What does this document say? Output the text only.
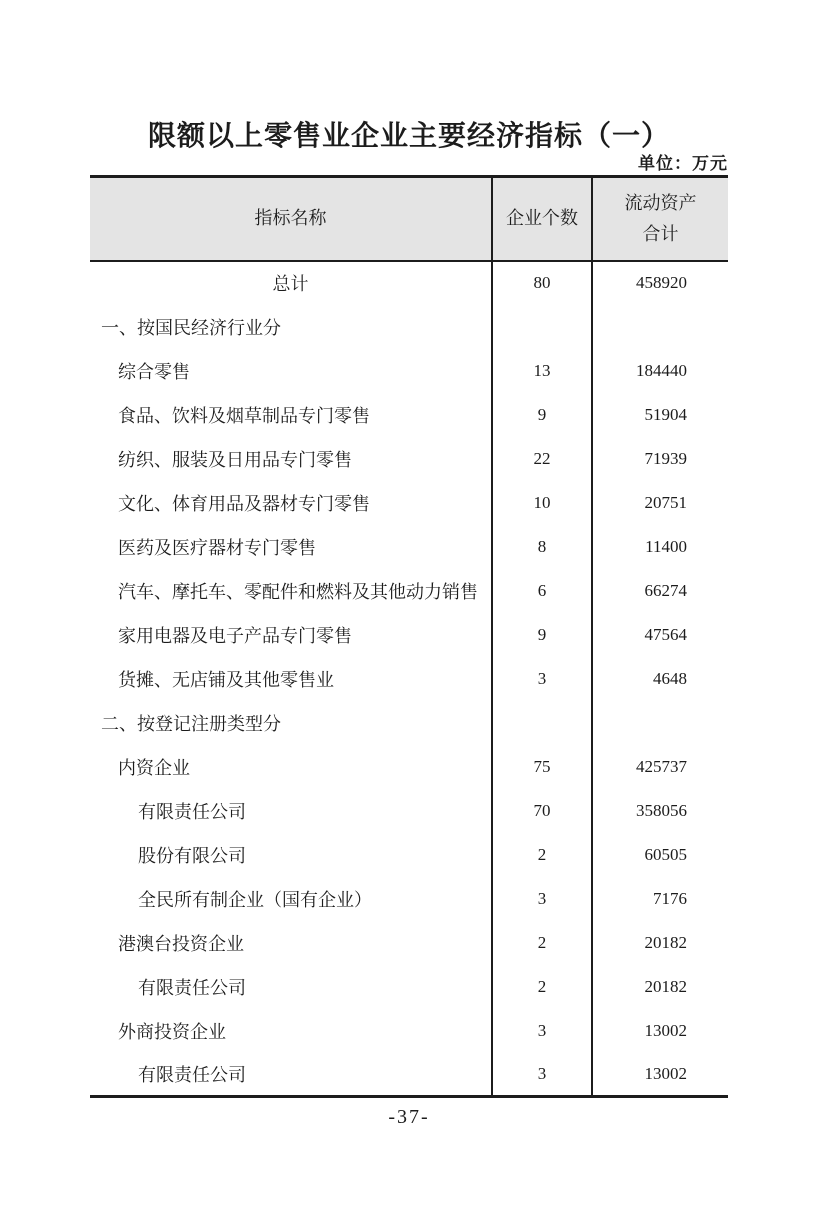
限额以上零售业企业主要经济指标（一）
单位：万元
指标名称	企业个数	流动资产
合计

总计	80	458920
一、按国民经济行业分		
综合零售	13	184440
食品、饮料及烟草制品专门零售	9	51904
纺织、服装及日用品专门零售	22	71939
文化、体育用品及器材专门零售	10	20751
医药及医疗器材专门零售	8	11400
汽车、摩托车、零配件和燃料及其他动力销售	6	66274
家用电器及电子产品专门零售	9	47564
货摊、无店铺及其他零售业	3	4648
二、按登记注册类型分		
内资企业	75	425737
有限责任公司	70	358056
股份有限公司	2	60505
全民所有制企业（国有企业）	3	7176
港澳台投资企业	2	20182
有限责任公司	2	20182
外商投资企业	3	13002
有限责任公司	3	13002
-37-
